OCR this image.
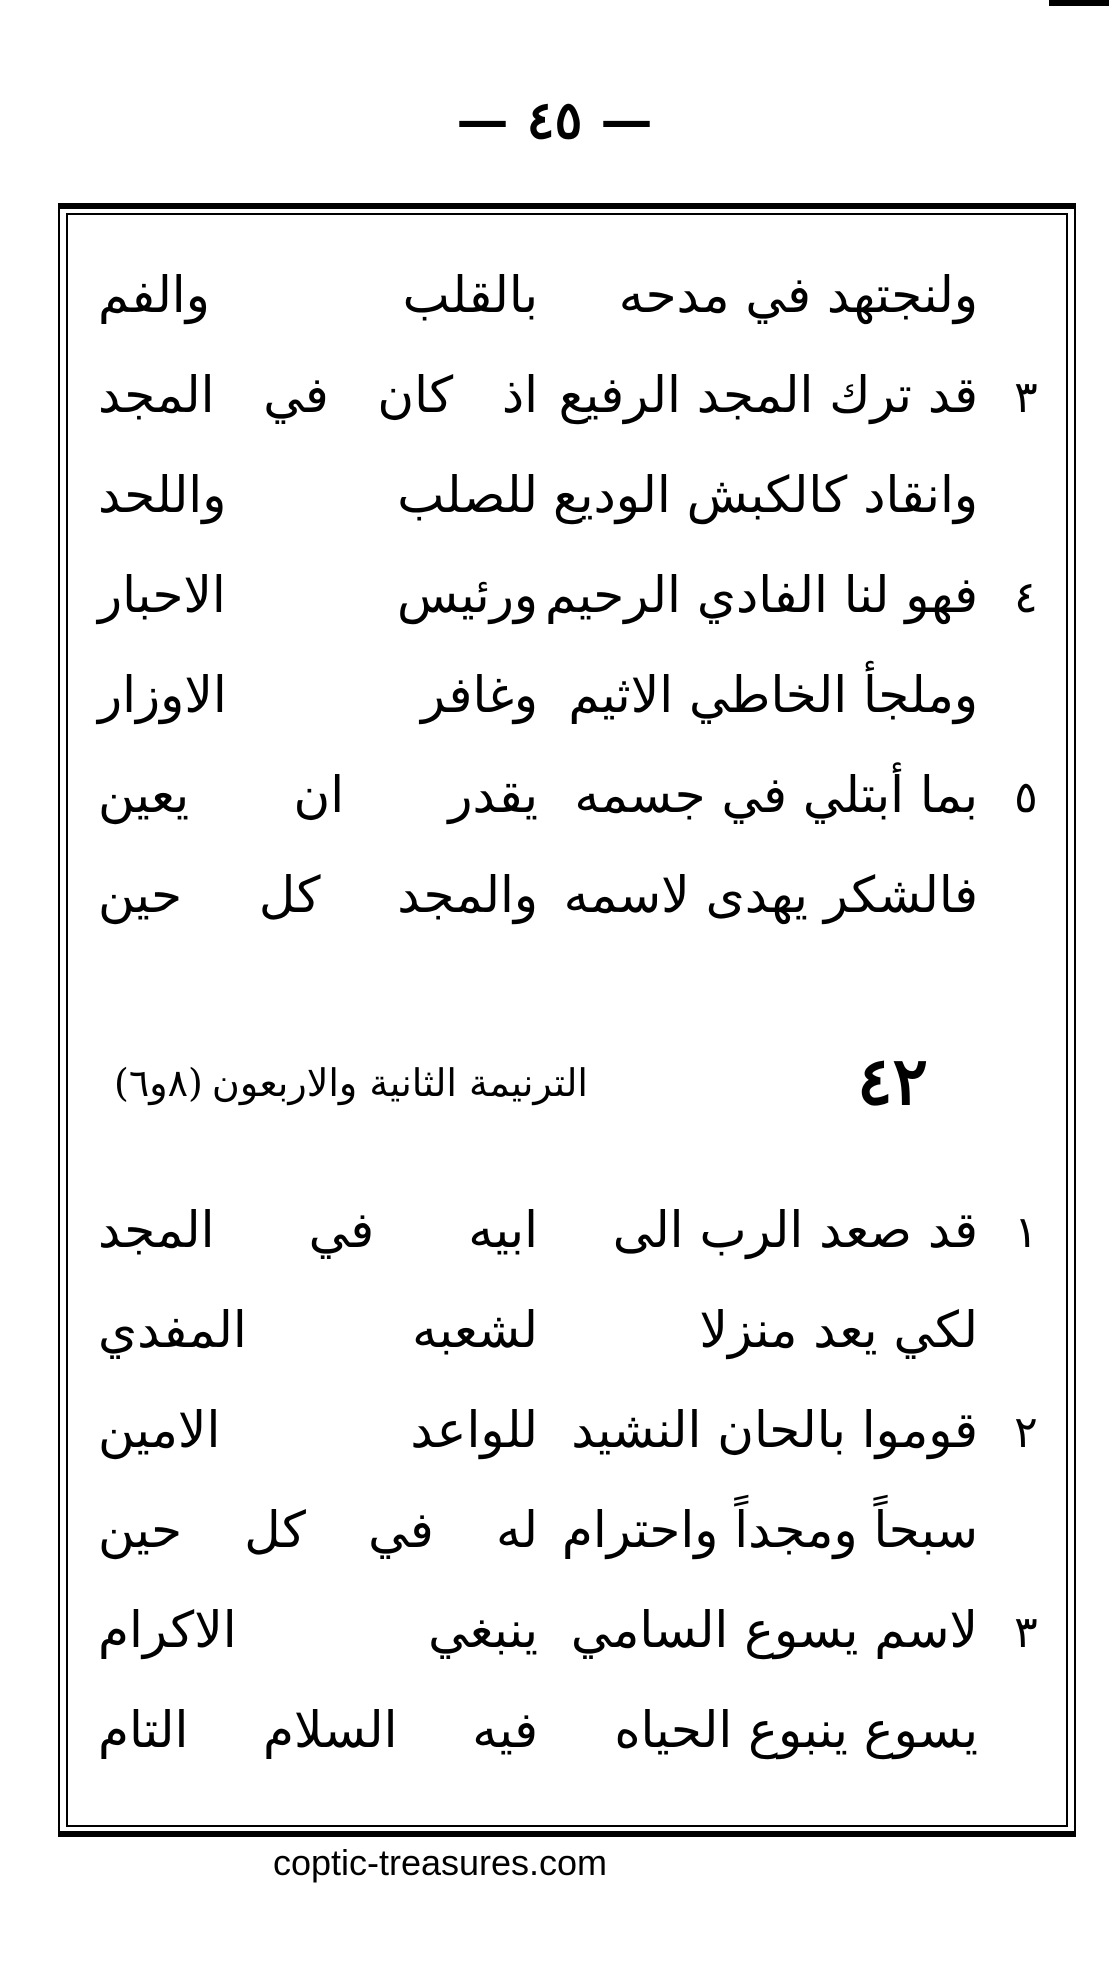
— ٤٥ —
ولنجتهد في مدحه
بالقلب والفم
٣
قد ترك المجد الرفيع
اذ كان في المجد
وانقاد كالكبش الوديع
للصلب واللحد
٤
فهو لنا الفادي الرحيم
ورئيس الاحبار
وملجأ الخاطي الاثيم
وغافر الاوزار
٥
بما أبتلي في جسمه
يقدر ان يعين
فالشكر يهدى لاسمه
والمجد كل حين
٤٢
الترنيمة الثانية والاربعون
(٨و٦)
١
قد صعد الرب الى
ابيه في المجد
لكي يعد منزلا
لشعبه المفدي
٢
قوموا بالحان النشيد
للواعد الامين
سبحاً ومجداً واحترام
له في كل حين
٣
لاسم يسوع السامي
ينبغي الاكرام
يسوع ينبوع الحياه
فيه السلام التام
coptic-treasures.com
